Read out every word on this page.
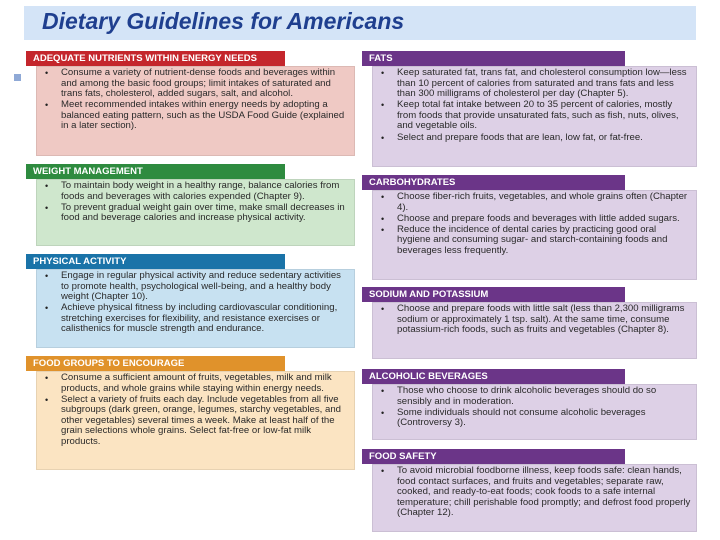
Dietary Guidelines for Americans
ADEQUATE NUTRIENTS WITHIN ENERGY NEEDS
• Consume a variety of nutrient-dense foods and beverages within and among the basic food groups; limit intakes of saturated and trans fats, cholesterol, added sugars, salt, and alcohol.
• Meet recommended intakes within energy needs by adopting a balanced eating pattern, such as the USDA Food Guide (explained in a later section).
WEIGHT MANAGEMENT
• To maintain body weight in a healthy range, balance calories from foods and beverages with calories expended (Chapter 9).
• To prevent gradual weight gain over time, make small decreases in food and beverage calories and increase physical activity.
PHYSICAL ACTIVITY
• Engage in regular physical activity and reduce sedentary activities to promote health, psychological well-being, and a healthy body weight (Chapter 10).
• Achieve physical fitness by including cardiovascular conditioning, stretching exercises for flexibility, and resistance exercises or calisthenics for muscle strength and endurance.
FOOD GROUPS TO ENCOURAGE
• Consume a sufficient amount of fruits, vegetables, milk and milk products, and whole grains while staying within energy needs.
• Select a variety of fruits each day. Include vegetables from all five subgroups (dark green, orange, legumes, starchy vegetables, and other vegetables) several times a week. Make at least half of the grain selections whole grains. Select fat-free or low-fat milk products.
FATS
• Keep saturated fat, trans fat, and cholesterol consumption low—less than 10 percent of calories from saturated and trans fats and less than 300 milligrams of cholesterol per day (Chapter 5).
• Keep total fat intake between 20 to 35 percent of calories, mostly from foods that provide unsaturated fats, such as fish, nuts, olives, and vegetable oils.
• Select and prepare foods that are lean, low fat, or fat-free.
CARBOHYDRATES
• Choose fiber-rich fruits, vegetables, and whole grains often (Chapter 4).
• Choose and prepare foods and beverages with little added sugars.
• Reduce the incidence of dental caries by practicing good oral hygiene and consuming sugar- and starch-containing foods and beverages less frequently.
SODIUM AND POTASSIUM
• Choose and prepare foods with little salt (less than 2,300 milligrams sodium or approximately 1 tsp. salt). At the same time, consume potassium-rich foods, such as fruits and vegetables (Chapter 8).
ALCOHOLIC BEVERAGES
• Those who choose to drink alcoholic beverages should do so sensibly and in moderation.
• Some individuals should not consume alcoholic beverages (Controversy 3).
FOOD SAFETY
• To avoid microbial foodborne illness, keep foods safe: clean hands, food contact surfaces, and fruits and vegetables; separate raw, cooked, and ready-to-eat foods; cook foods to a safe internal temperature; chill perishable food promptly; and defrost food properly (Chapter 12).
